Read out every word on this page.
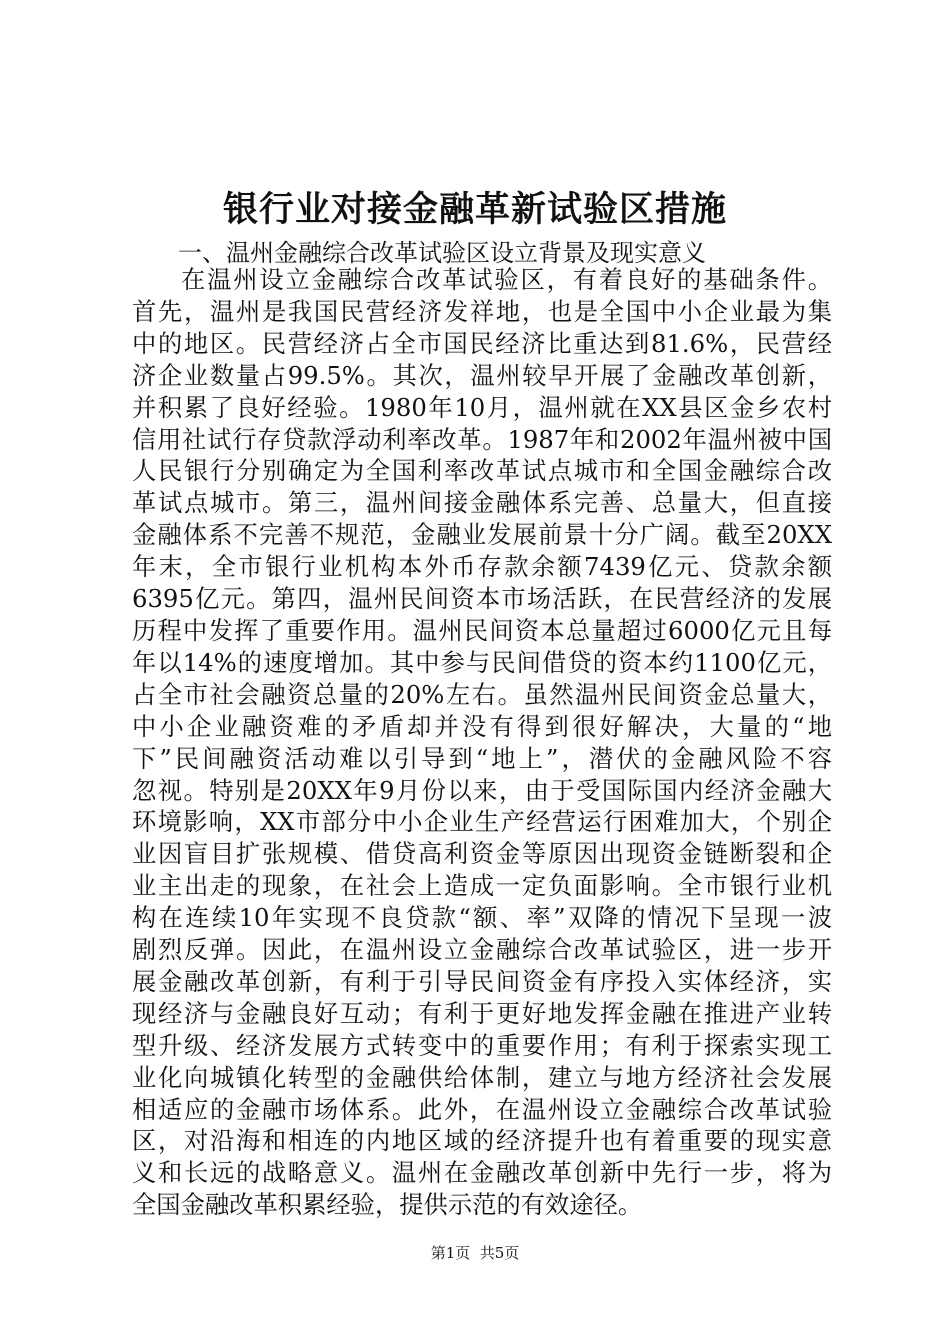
银行业对接金融革新试验区措施

一、温州金融综合改革试验区设立背景及现实意义

在温州设立金融综合改革试验区，有着良好的基础条件。
首先，温州是我国民营经济发祥地，也是全国中小企业最为集
中的地区。民营经济占全市国民经济比重达到81.6%，民营经
济企业数量占99.5%。其次，温州较早开展了金融改革创新，
并积累了良好经验。1980年10月，温州就在XX县区金乡农村
信用社试行存贷款浮动利率改革。1987年和2002年温州被中国
人民银行分别确定为全国利率改革试点城市和全国金融综合改
革试点城市。第三，温州间接金融体系完善、总量大，但直接
金融体系不完善不规范，金融业发展前景十分广阔。截至20XX
年末，全市银行业机构本外币存款余额7439亿元、贷款余额
6395亿元。第四，温州民间资本市场活跃，在民营经济的发展
历程中发挥了重要作用。温州民间资本总量超过6000亿元且每
年以14%的速度增加。其中参与民间借贷的资本约1100亿元，
占全市社会融资总量的20%左右。虽然温州民间资金总量大，
中小企业融资难的矛盾却并没有得到很好解决，大量的“地
下”民间融资活动难以引导到“地上”，潜伏的金融风险不容
忽视。特别是20XX年9月份以来，由于受国际国内经济金融大
环境影响，XX市部分中小企业生产经营运行困难加大，个别企
业因盲目扩张规模、借贷高利资金等原因出现资金链断裂和企
业主出走的现象，在社会上造成一定负面影响。全市银行业机
构在连续10年实现不良贷款“额、率”双降的情况下呈现一波
剧烈反弹。因此，在温州设立金融综合改革试验区，进一步开
展金融改革创新，有利于引导民间资金有序投入实体经济，实
现经济与金融良好互动；有利于更好地发挥金融在推进产业转
型升级、经济发展方式转变中的重要作用；有利于探索实现工
业化向城镇化转型的金融供给体制，建立与地方经济社会发展
相适应的金融市场体系。此外，在温州设立金融综合改革试验
区，对沿海和相连的内地区域的经济提升也有着重要的现实意
义和长远的战略意义。温州在金融改革创新中先行一步，将为
全国金融改革积累经验，提供示范的有效途径。
第1页  共5页
